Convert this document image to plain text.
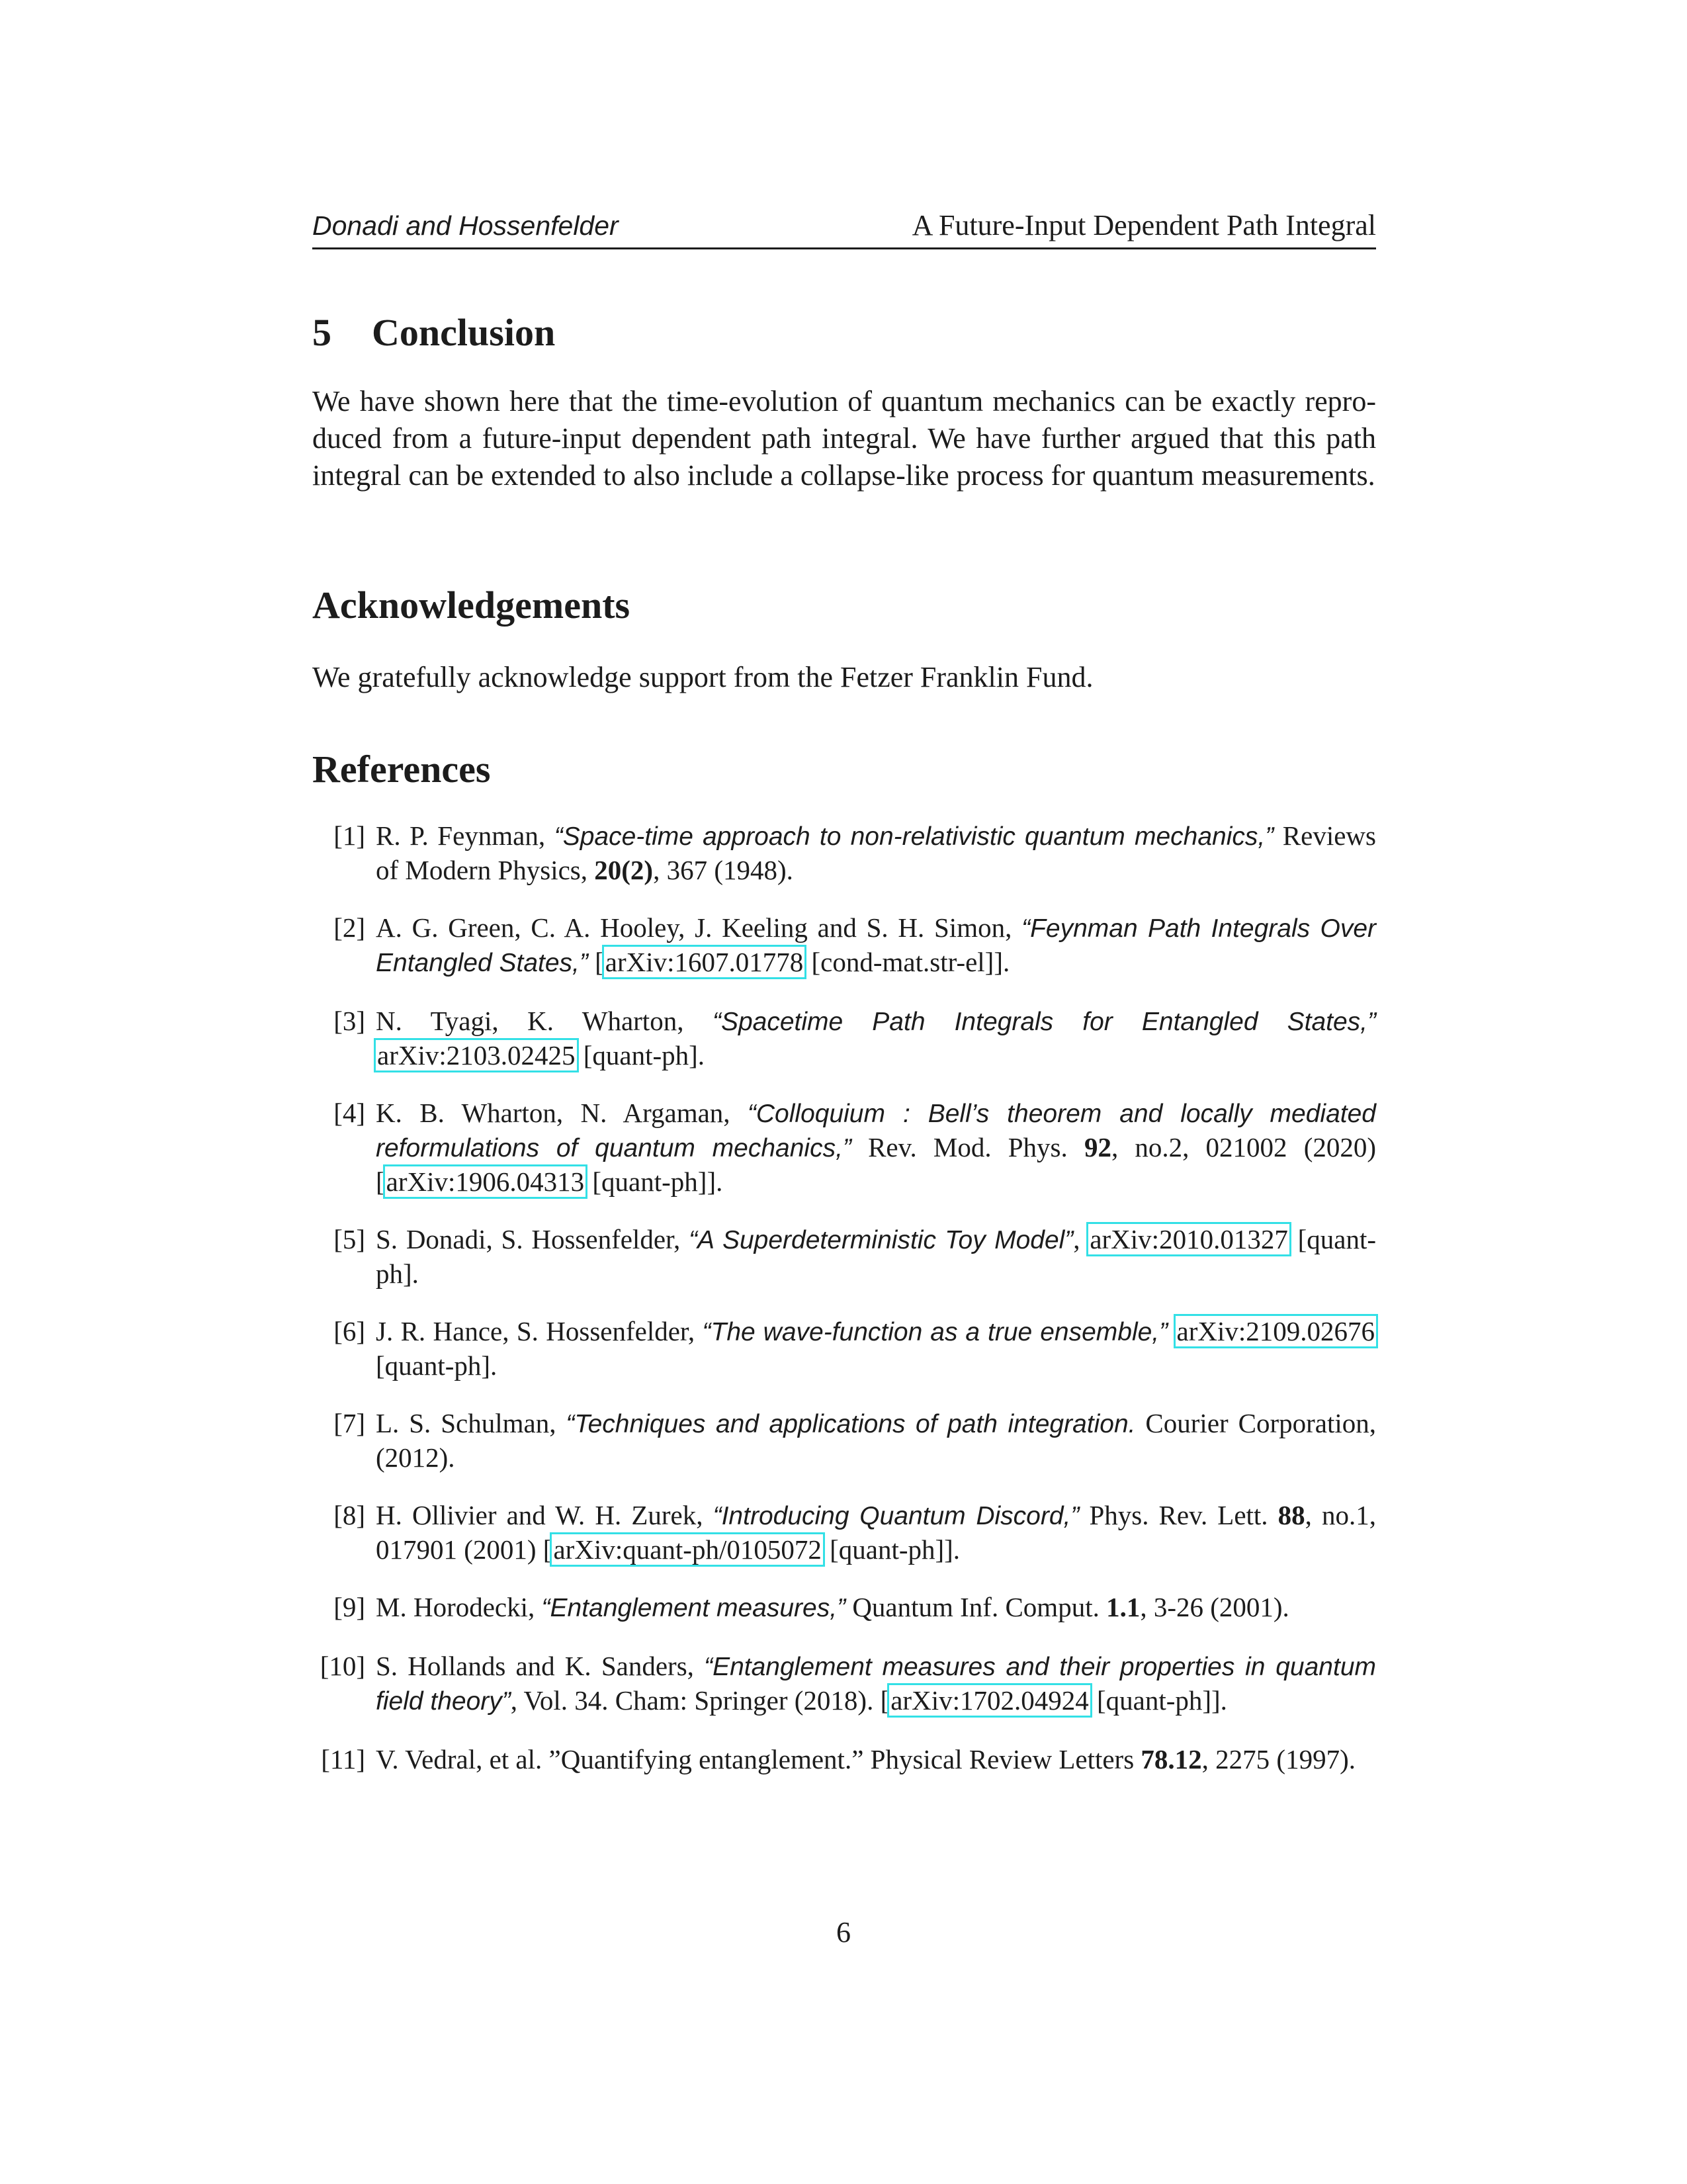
Donadi and Hossenfelder	A Future-Input Dependent Path Integral
5 Conclusion
We have shown here that the time-evolution of quantum mechanics can be exactly reproduced from a future-input dependent path integral. We have further argued that this path integral can be extended to also include a collapse-like process for quantum measurements.
Acknowledgements
We gratefully acknowledge support from the Fetzer Franklin Fund.
References
[1] R. P. Feynman, “Space-time approach to non-relativistic quantum mechanics,” Reviews of Modern Physics, 20(2), 367 (1948).
[2] A. G. Green, C. A. Hooley, J. Keeling and S. H. Simon, “Feynman Path Integrals Over Entangled States,” [arXiv:1607.01778 [cond-mat.str-el]].
[3] N. Tyagi, K. Wharton, “Spacetime Path Integrals for Entangled States,” arXiv:2103.02425 [quant-ph].
[4] K. B. Wharton, N. Argaman, “Colloquium : Bell’s theorem and locally mediated reformulations of quantum mechanics,” Rev. Mod. Phys. 92, no.2, 021002 (2020) [arXiv:1906.04313 [quant-ph]].
[5] S. Donadi, S. Hossenfelder, “A Superdeterministic Toy Model”, arXiv:2010.01327 [quant-ph].
[6] J. R. Hance, S. Hossenfelder, “The wave-function as a true ensemble,” arXiv:2109.02676 [quant-ph].
[7] L. S. Schulman, “Techniques and applications of path integration. Courier Corporation, (2012).
[8] H. Ollivier and W. H. Zurek, “Introducing Quantum Discord,” Phys. Rev. Lett. 88, no.1, 017901 (2001) [arXiv:quant-ph/0105072 [quant-ph]].
[9] M. Horodecki, “Entanglement measures,” Quantum Inf. Comput. 1.1, 3-26 (2001).
[10] S. Hollands and K. Sanders, “Entanglement measures and their properties in quantum field theory”, Vol. 34. Cham: Springer (2018). [arXiv:1702.04924 [quant-ph]].
[11] V. Vedral, et al. ”Quantifying entanglement.” Physical Review Letters 78.12, 2275 (1997).
6
